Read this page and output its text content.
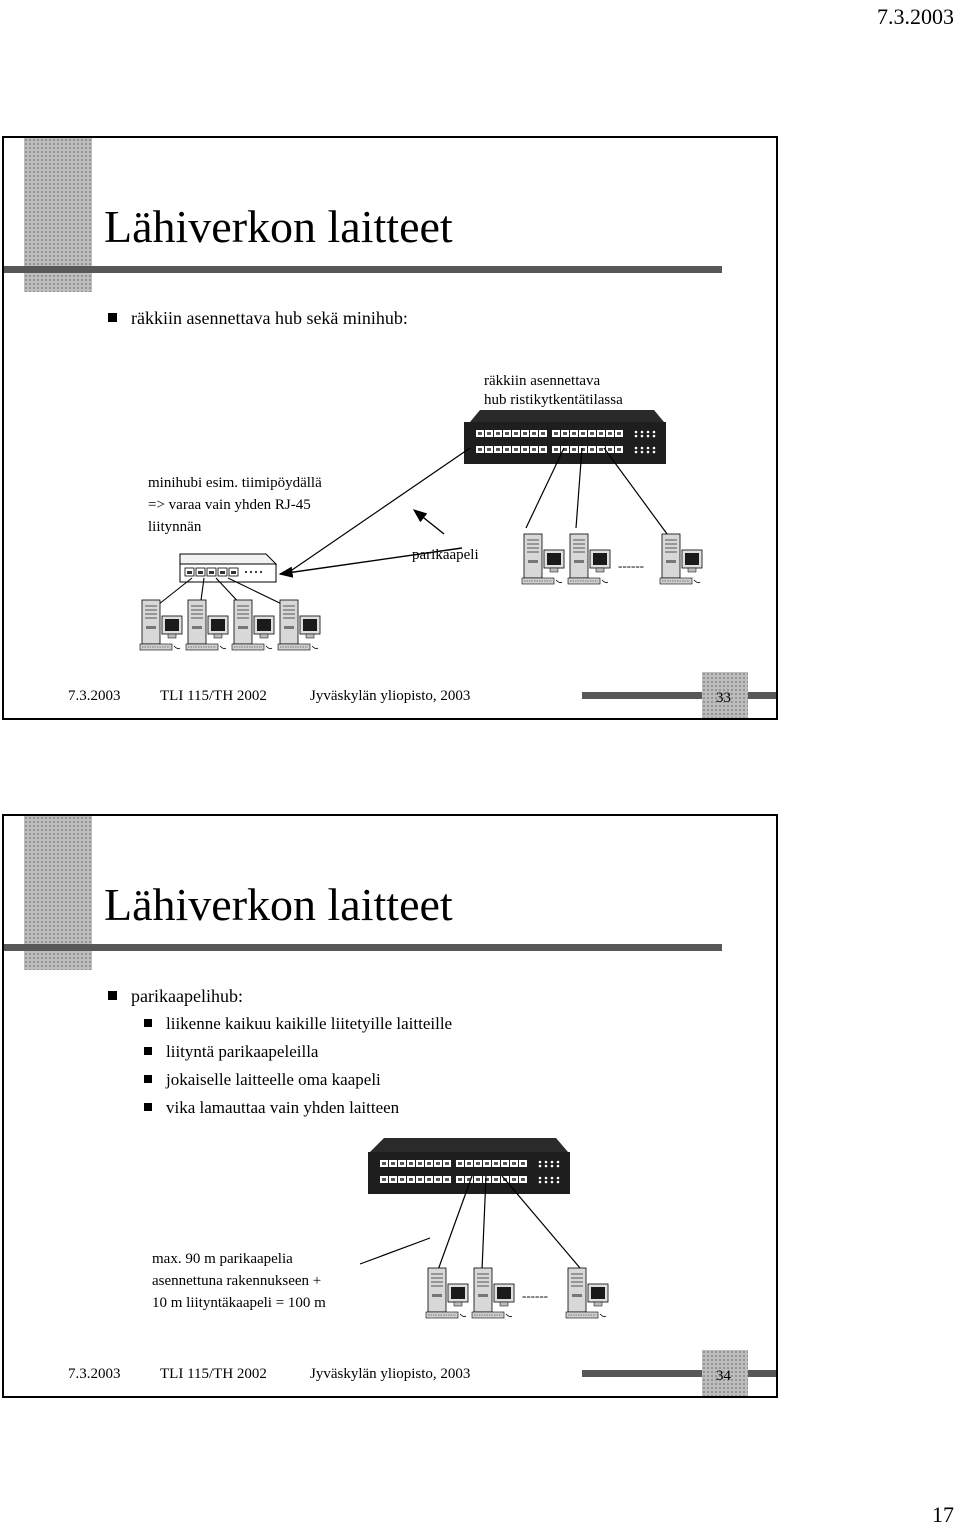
7.3.2003
Lähiverkon laitteet
räkkiin asennettava hub sekä minihub:
räkkiin asennettava
hub ristikytkentätilassa
minihubi esim. tiimipöydällä
=> varaa vain yhden RJ-45
liitynnän
parikaapeli
------
7.3.2003	TLI 115/TH 2002	Jyväskylän yliopisto, 2003	33
Lähiverkon laitteet
parikaapelihub:
liikenne kaikuu kaikille liitetyille laitteille
liityntä parikaapeleilla
jokaiselle laitteelle oma kaapeli
vika lamauttaa vain yhden laitteen
max. 90 m parikaapelia
asennettuna rakennukseen +
10 m liityntäkaapeli = 100 m	------
7.3.2003	TLI 115/TH 2002	Jyväskylän yliopisto, 2003	34
17
